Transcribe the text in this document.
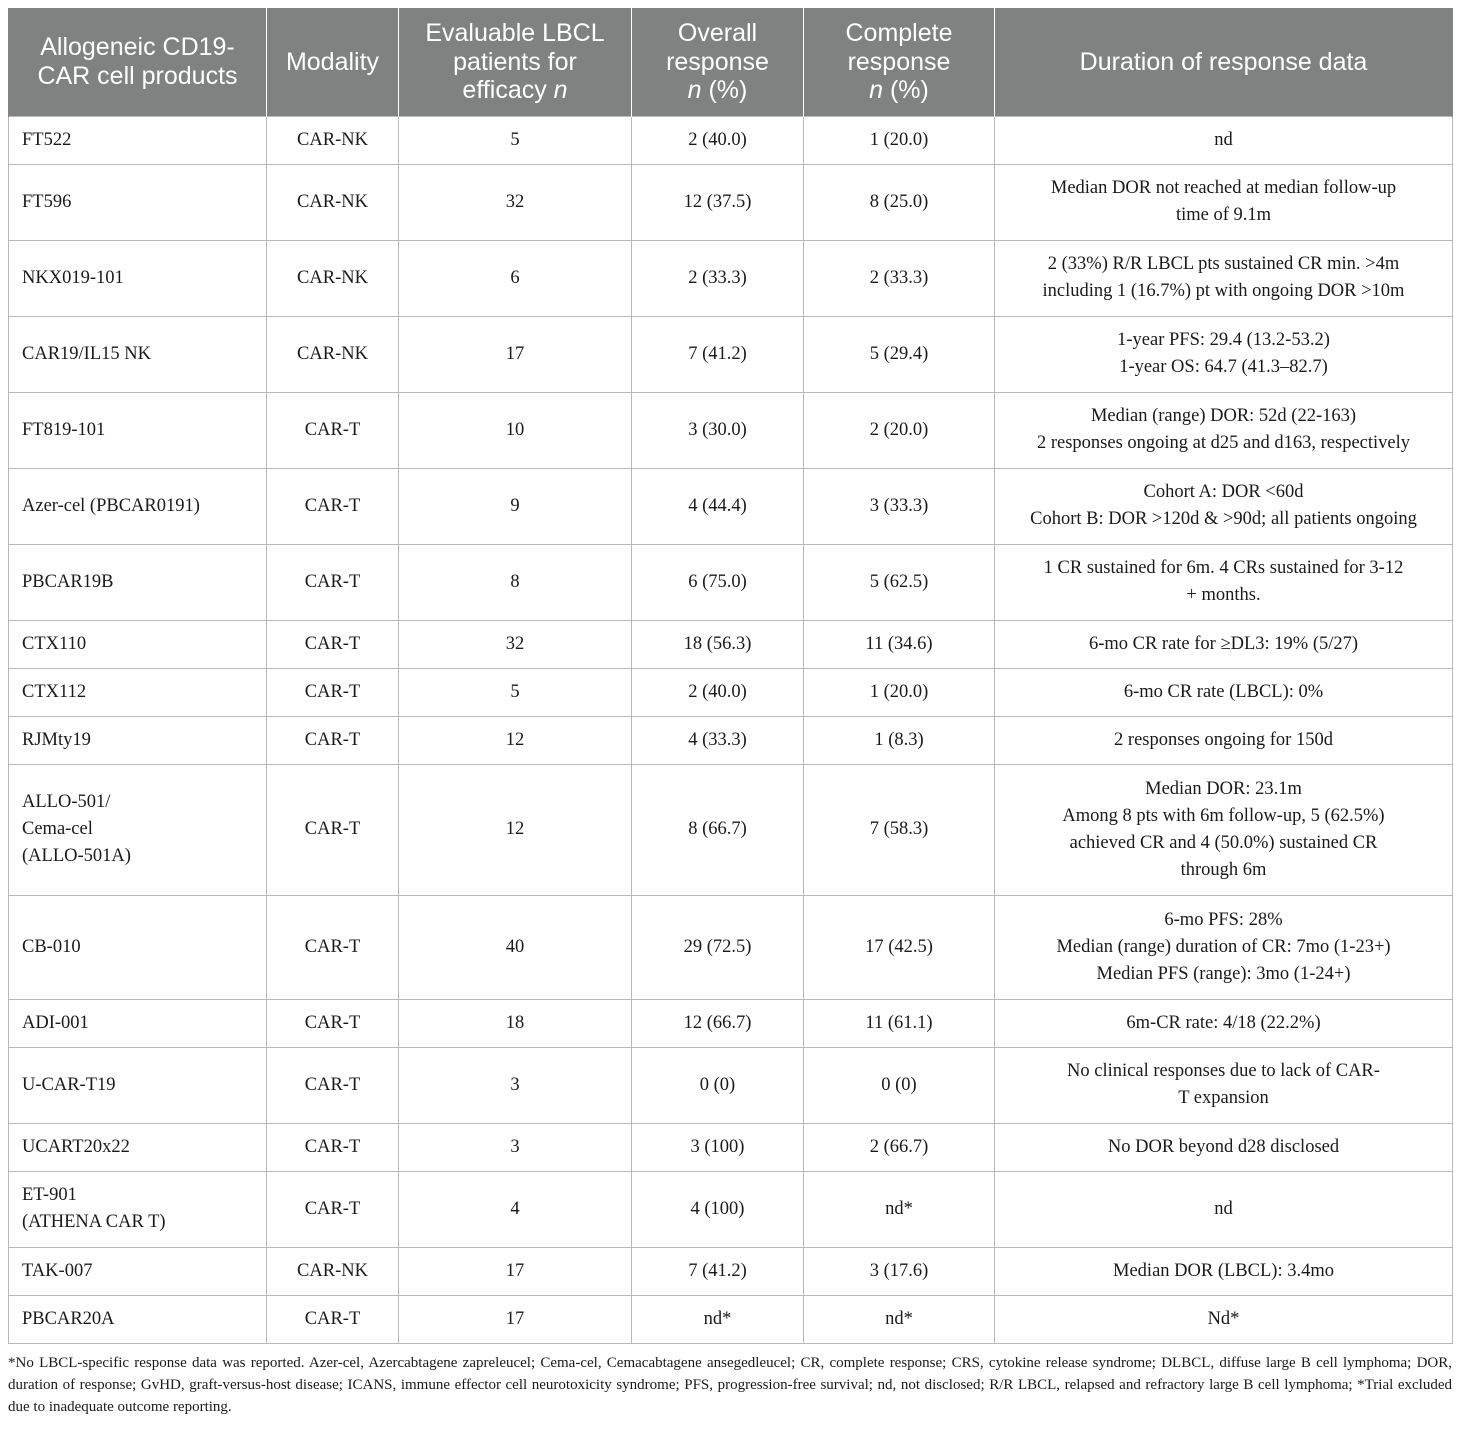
Allogeneic CD19-
CAR cell products	Modality	Evaluable LBCL
patients for
efficacy n	Overall
response
n (%)	Complete
response
n (%)	Duration of response data

FT522	CAR-NK	5	2 (40.0)	1 (20.0)	nd

FT596	CAR-NK	32	12 (37.5)	8 (25.0)	Median DOR not reached at median follow-up
time of 9.1m

NKX019-101	CAR-NK	6	2 (33.3)	2 (33.3)	2 (33%) R/R LBCL pts sustained CR min. >4m
including 1 (16.7%) pt with ongoing DOR >10m

CAR19/IL15 NK	CAR-NK	17	7 (41.2)	5 (29.4)	1-year PFS: 29.4 (13.2-53.2)
1-year OS: 64.7 (41.3–82.7)

FT819-101	CAR-T	10	3 (30.0)	2 (20.0)	Median (range) DOR: 52d (22-163)
2 responses ongoing at d25 and d163, respectively

Azer-cel (PBCAR0191)	CAR-T	9	4 (44.4)	3 (33.3)	Cohort A: DOR <60d
Cohort B: DOR >120d & >90d; all patients ongoing

PBCAR19B	CAR-T	8	6 (75.0)	5 (62.5)	1 CR sustained for 6m. 4 CRs sustained for 3-12
+ months.

CTX110	CAR-T	32	18 (56.3)	11 (34.6)	6-mo CR rate for ≥DL3: 19% (5/27)

CTX112	CAR-T	5	2 (40.0)	1 (20.0)	6-mo CR rate (LBCL): 0%

RJMty19	CAR-T	12	4 (33.3)	1 (8.3)	2 responses ongoing for 150d

ALLO-501/
Cema-cel
(ALLO-501A)	CAR-T	12	8 (66.7)	7 (58.3)	Median DOR: 23.1m
Among 8 pts with 6m follow-up, 5 (62.5%)
achieved CR and 4 (50.0%) sustained CR
through 6m

CB-010	CAR-T	40	29 (72.5)	17 (42.5)	6-mo PFS: 28%
Median (range) duration of CR: 7mo (1-23+)
Median PFS (range): 3mo (1-24+)

ADI-001	CAR-T	18	12 (66.7)	11 (61.1)	6m-CR rate: 4/18 (22.2%)

U-CAR-T19	CAR-T	3	0 (0)	0 (0)	No clinical responses due to lack of CAR-
T expansion

UCART20x22	CAR-T	3	3 (100)	2 (66.7)	No DOR beyond d28 disclosed

ET-901
(ATHENA CAR T)	CAR-T	4	4 (100)	nd*	nd

TAK-007	CAR-NK	17	7 (41.2)	3 (17.6)	Median DOR (LBCL): 3.4mo

PBCAR20A	CAR-T	17	nd*	nd*	Nd*

*No LBCL-specific response data was reported. Azer-cel, Azercabtagene zapreleucel; Cema-cel, Cemacabtagene ansegedleucel; CR, complete response; CRS, cytokine release syndrome; DLBCL, diffuse large B cell lymphoma; DOR, duration of response; GvHD, graft-versus-host disease; ICANS, immune effector cell neurotoxicity syndrome; PFS, progression-free survival; nd, not disclosed; R/R LBCL, relapsed and refractory large B cell lymphoma; *Trial excluded due to inadequate outcome reporting.
